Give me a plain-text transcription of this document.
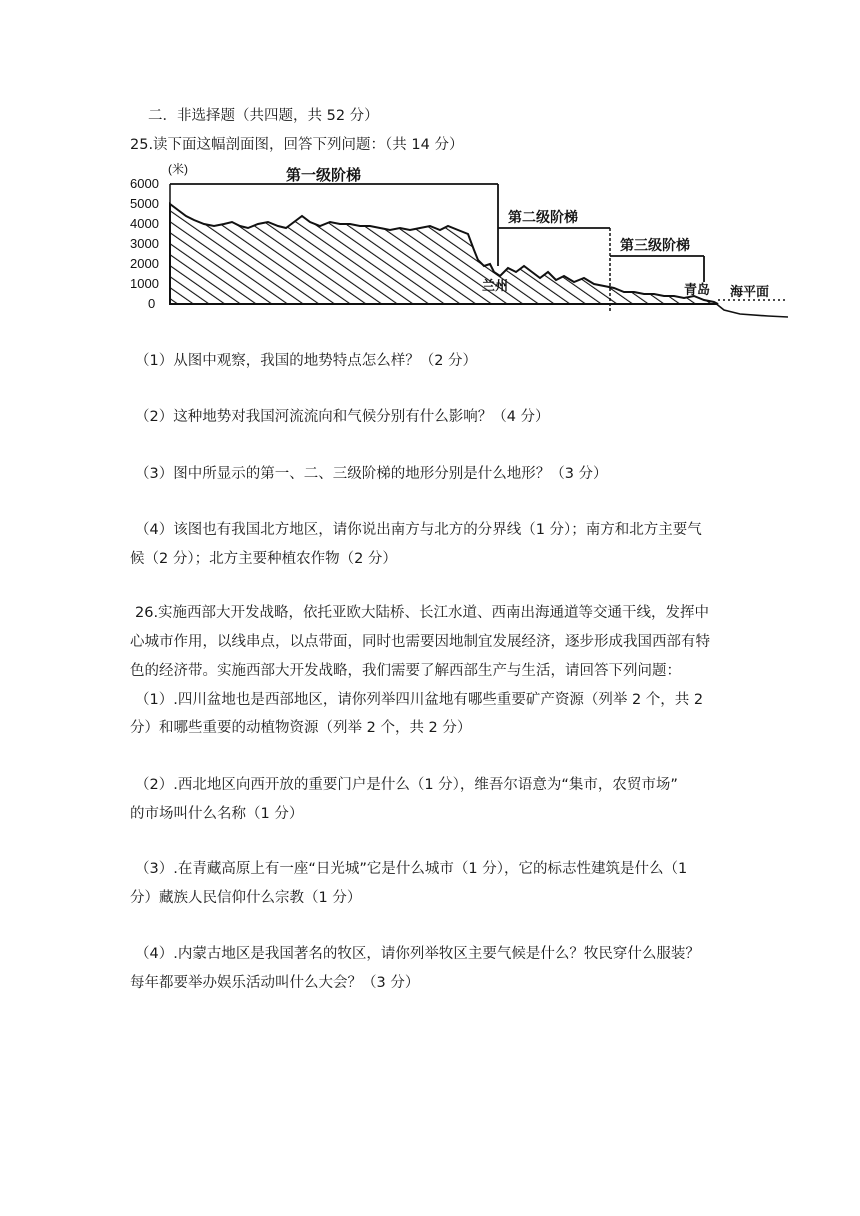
二．非选择题（共四题，共 52 分）
25.读下面这幅剖面图，回答下列问题：（共 14 分）
(米)
6000
5000
4000
3000
2000
1000
0
第一级阶梯
第二级阶梯
第三级阶梯
兰州	青岛 海平面
（1）从图中观察，我国的地势特点怎么样？（2 分）
（2）这种地势对我国河流流向和气候分别有什么影响？（4 分）
（3）图中所显示的第一、二、三级阶梯的地形分别是什么地形？（3 分）
（4）该图也有我国北方地区，请你说出南方与北方的分界线（1 分）；南方和北方主要气
候（2 分）；北方主要种植农作物（2 分）
26.实施西部大开发战略，依托亚欧大陆桥、长江水道、西南出海通道等交通干线，发挥中
心城市作用，以线串点，以点带面，同时也需要因地制宜发展经济，逐步形成我国西部有特
色的经济带。实施西部大开发战略，我们需要了解西部生产与生活，请回答下列问题：
（1）.四川盆地也是西部地区，请你列举四川盆地有哪些重要矿产资源（列举 2 个，共 2
分）和哪些重要的动植物资源（列举 2 个，共 2 分）
（2）.西北地区向西开放的重要门户是什么（1 分），维吾尔语意为“集市，农贸市场”
的市场叫什么名称（1 分）
（3）.在青藏高原上有一座“日光城”它是什么城市（1 分），它的标志性建筑是什么（1
分）藏族人民信仰什么宗教（1 分）
（4）.内蒙古地区是我国著名的牧区，请你列举牧区主要气候是什么？牧民穿什么服装？
每年都要举办娱乐活动叫什么大会？（3 分）
